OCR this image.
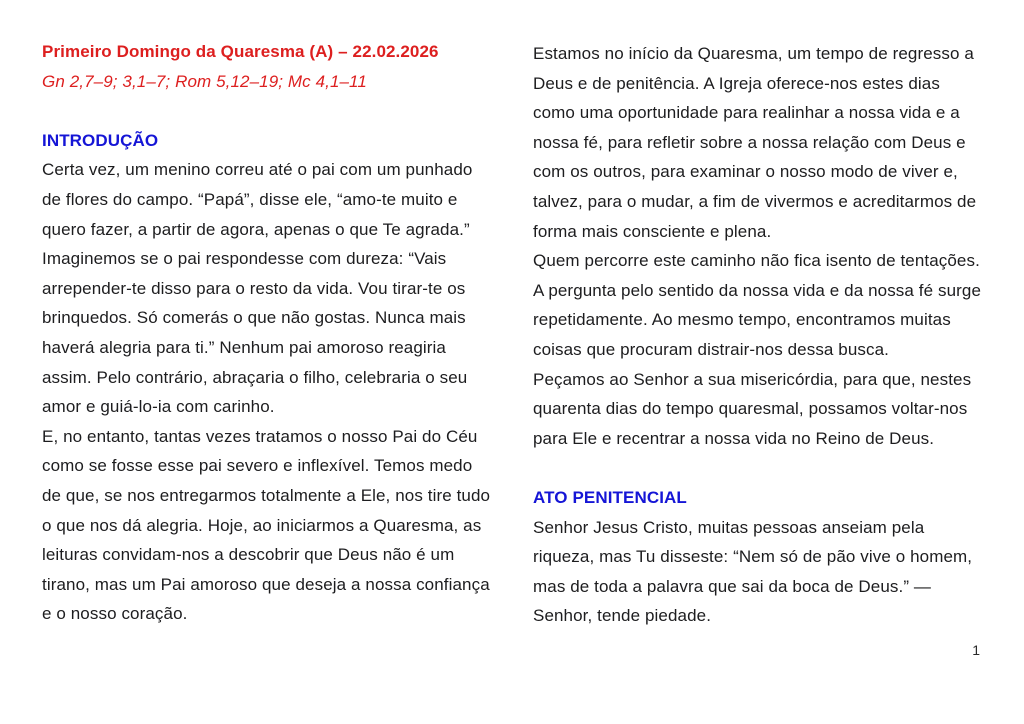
Primeiro Domingo da Quaresma (A) – 22.02.2026
Gn 2,7–9; 3,1–7; Rom 5,12–19; Mc 4,1–11
INTRODUÇÃO
Certa vez, um menino correu até o pai com um punhado
de flores do campo. “Papá”, disse ele, “amo-te muito e
quero fazer, a partir de agora, apenas o que Te agrada.”
Imaginemos se o pai respondesse com dureza: “Vais
arrepender-te disso para o resto da vida. Vou tirar-te os
brinquedos. Só comerás o que não gostas. Nunca mais
haverá alegria para ti.” Nenhum pai amoroso reagiria
assim. Pelo contrário, abraçaria o filho, celebraria o seu
amor e guiá-lo-ia com carinho.
E, no entanto, tantas vezes tratamos o nosso Pai do Céu
como se fosse esse pai severo e inflexível. Temos medo
de que, se nos entregarmos totalmente a Ele, nos tire tudo
o que nos dá alegria. Hoje, ao iniciarmos a Quaresma, as
leituras convidam-nos a descobrir que Deus não é um
tirano, mas um Pai amoroso que deseja a nossa confiança
e o nosso coração.
Estamos no início da Quaresma, um tempo de regresso a
Deus e de penitência. A Igreja oferece-nos estes dias
como uma oportunidade para realinhar a nossa vida e a
nossa fé, para refletir sobre a nossa relação com Deus e
com os outros, para examinar o nosso modo de viver e,
talvez, para o mudar, a fim de vivermos e acreditarmos de
forma mais consciente e plena.
Quem percorre este caminho não fica isento de tentações.
A pergunta pelo sentido da nossa vida e da nossa fé surge
repetidamente. Ao mesmo tempo, encontramos muitas
coisas que procuram distrair-nos dessa busca.
Peçamos ao Senhor a sua misericórdia, para que, nestes
quarenta dias do tempo quaresmal, possamos voltar-nos
para Ele e recentrar a nossa vida no Reino de Deus.
ATO PENITENCIAL
Senhor Jesus Cristo, muitas pessoas anseiam pela
riqueza, mas Tu disseste: “Nem só de pão vive o homem,
mas de toda a palavra que sai da boca de Deus.” —
Senhor, tende piedade.
1
